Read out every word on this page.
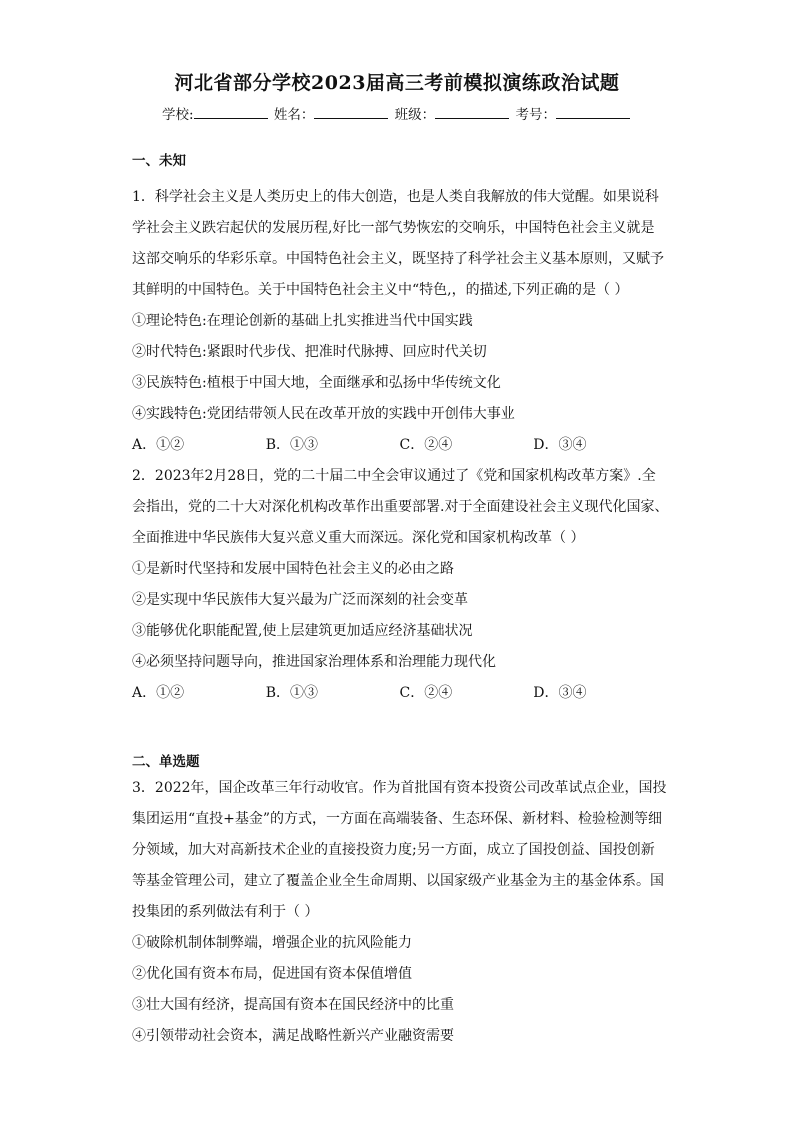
河北省部分学校2023届高三考前模拟演练政治试题
学校:	姓名：	班级：	考号：
一、未知
1．科学社会主义是人类历史上的伟大创造，也是人类自我解放的伟大觉醒。如果说科
学社会主义跌宕起伏的发展历程,好比一部气势恢宏的交响乐，中国特色社会主义就是
这部交响乐的华彩乐章。中国特色社会主义，既坚持了科学社会主义基本原则，又赋予
其鲜明的中国特色。关于中国特色社会主义中“特色,，的描述,下列正确的是（ ）
①理论特色:在理论创新的基础上扎实推进当代中国实践
②时代特色:紧跟时代步伐、把准时代脉搏、回应时代关切
③民族特色:植根于中国大地，全面继承和弘扬中华传统文化
④实践特色:党团结带领人民在改革开放的实践中开创伟大事业
A．①②	B．①③	C．②④	D．③④
2．2023年2月28日，党的二十届二中全会审议通过了《党和国家机构改革方案》.全
会指出，党的二十大对深化机构改革作出重要部署.对于全面建设社会主义现代化国家、
全面推进中华民族伟大复兴意义重大而深远。深化党和国家机构改革（ ）
①是新时代坚持和发展中国特色社会主义的必由之路
②是实现中华民族伟大复兴最为广泛而深刻的社会变革
③能够优化职能配置,使上层建筑更加适应经济基础状况
④必须坚持问题导向，推进国家治理体系和治理能力现代化
A．①②	B．①③	C．②④	D．③④
二、单选题
3．2022年，国企改革三年行动收官。作为首批国有资本投资公司改革试点企业，国投
集团运用“直投+基金”的方式，一方面在高端装备、生态环保、新材料、检验检测等细
分领域，加大对高新技术企业的直接投资力度;另一方面，成立了国投创益、国投创新
等基金管理公司，建立了覆盖企业全生命周期、以国家级产业基金为主的基金体系。国
投集团的系列做法有利于（ ）
①破除机制体制弊端，增强企业的抗风险能力
②优化国有资本布局，促进国有资本保值增值
③壮大国有经济，提高国有资本在国民经济中的比重
④引领带动社会资本，满足战略性新兴产业融资需要
